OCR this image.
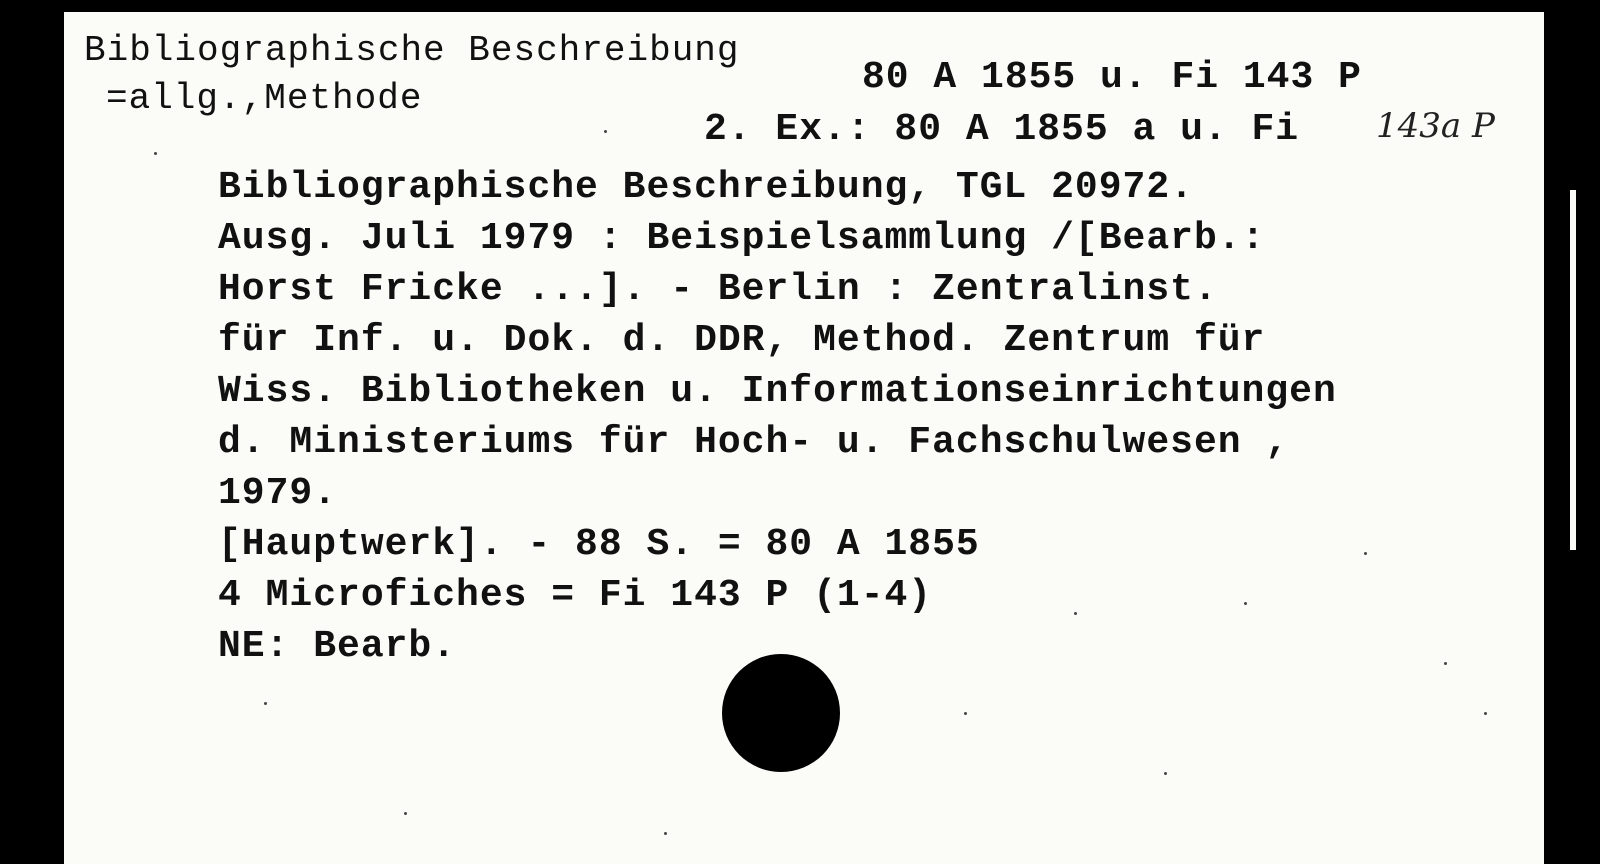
Bibliographische Beschreibung
=allg.,Methode	80 A 1855 u. Fi 143 P
2. Ex.: 80 A 1855 a u. Fi 143a P
Bibliographische Beschreibung, TGL 20972.
Ausg. Juli 1979 : Beispielsammlung /[Bearb.:
Horst Fricke ...]. - Berlin : Zentralinst.
für Inf. u. Dok. d. DDR, Method. Zentrum für
Wiss. Bibliotheken u. Informationseinrichtungen
d. Ministeriums für Hoch- u. Fachschulwesen ,
1979.
[Hauptwerk]. - 88 S. = 80 A 1855
4 Microfiches = Fi 143 P (1-4)
NE: Bearb.
